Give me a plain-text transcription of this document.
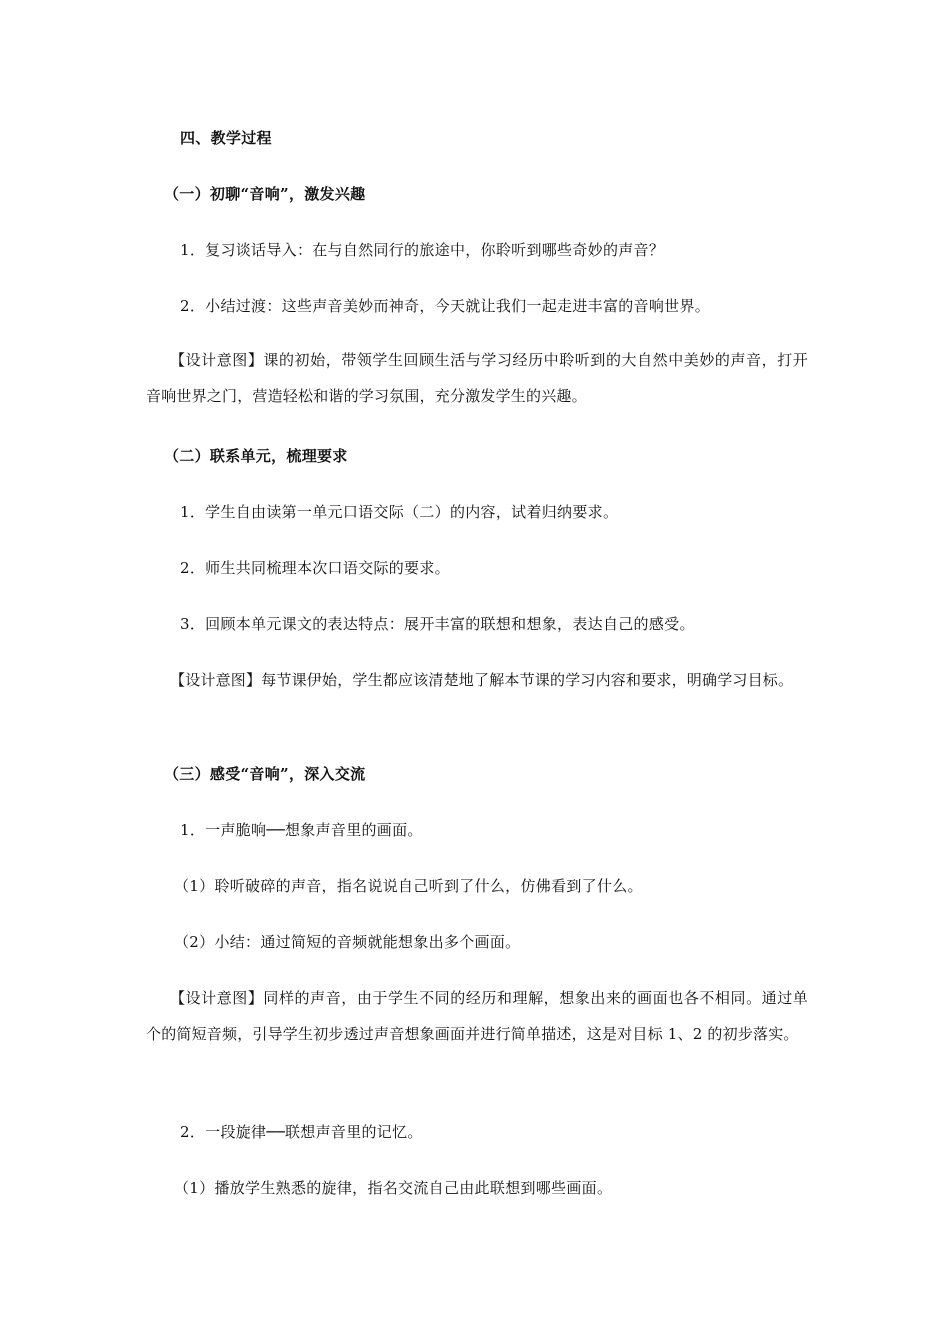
四、教学过程
（一）初聊“音响”，激发兴趣
1．复习谈话导入：在与自然同行的旅途中，你聆听到哪些奇妙的声音？
2．小结过渡：这些声音美妙而神奇，今天就让我们一起走进丰富的音响世界。
【设计意图】课的初始，带领学生回顾生活与学习经历中聆听到的大自然中美妙的声音，打开音响世界之门，营造轻松和谐的学习氛围，充分激发学生的兴趣。
（二）联系单元，梳理要求
1．学生自由读第一单元口语交际（二）的内容，试着归纳要求。
2．师生共同梳理本次口语交际的要求。
3．回顾本单元课文的表达特点：展开丰富的联想和想象，表达自己的感受。
【设计意图】每节课伊始，学生都应该清楚地了解本节课的学习内容和要求，明确学习目标。
（三）感受“音响”，深入交流
1．一声脆响──想象声音里的画面。
（1）聆听破碎的声音，指名说说自己听到了什么，仿佛看到了什么。
（2）小结：通过简短的音频就能想象出多个画面。
【设计意图】同样的声音，由于学生不同的经历和理解，想象出来的画面也各不相同。通过单个的简短音频，引导学生初步透过声音想象画面并进行简单描述，这是对目标 1、2 的初步落实。
2．一段旋律──联想声音里的记忆。
（1）播放学生熟悉的旋律，指名交流自己由此联想到哪些画面。
